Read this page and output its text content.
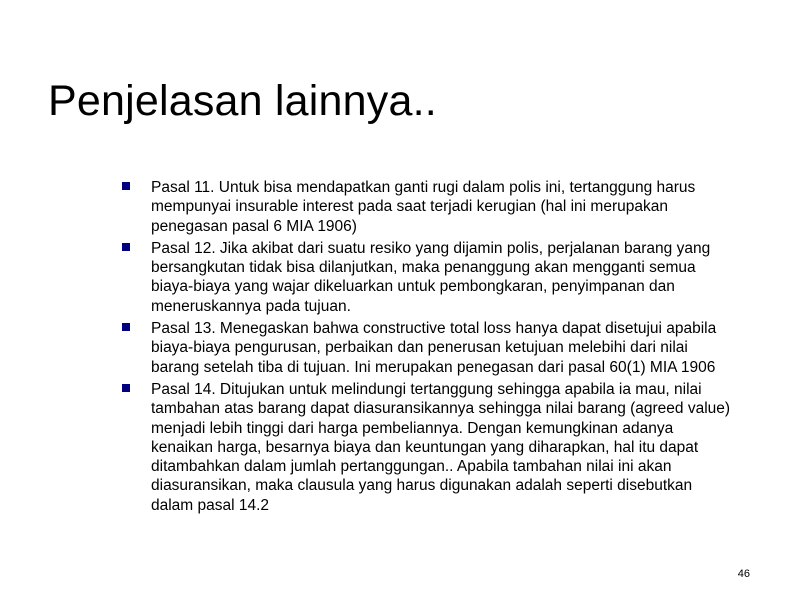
Penjelasan lainnya..
Pasal 11. Untuk bisa mendapatkan ganti rugi dalam polis ini, tertanggung harus mempunyai insurable interest pada saat terjadi kerugian (hal ini merupakan penegasan pasal 6 MIA 1906)
Pasal 12. Jika akibat dari suatu resiko yang dijamin polis, perjalanan barang yang bersangkutan tidak bisa dilanjutkan, maka penanggung akan mengganti semua biaya-biaya yang wajar dikeluarkan untuk pembongkaran, penyimpanan dan meneruskannya pada tujuan.
Pasal 13. Menegaskan bahwa constructive total loss hanya dapat disetujui apabila biaya-biaya pengurusan, perbaikan dan penerusan ketujuan melebihi dari nilai barang setelah tiba di tujuan. Ini merupakan penegasan dari pasal 60(1) MIA 1906
Pasal 14. Ditujukan untuk melindungi tertanggung sehingga apabila ia mau, nilai tambahan atas barang dapat diasuransikannya sehingga nilai barang (agreed value) menjadi lebih tinggi dari harga pembeliannya. Dengan kemungkinan adanya kenaikan harga, besarnya biaya dan keuntungan yang diharapkan, hal itu dapat ditambahkan dalam jumlah pertanggungan.. Apabila tambahan nilai ini akan diasuransikan, maka clausula yang harus digunakan adalah seperti disebutkan dalam pasal 14.2
46
